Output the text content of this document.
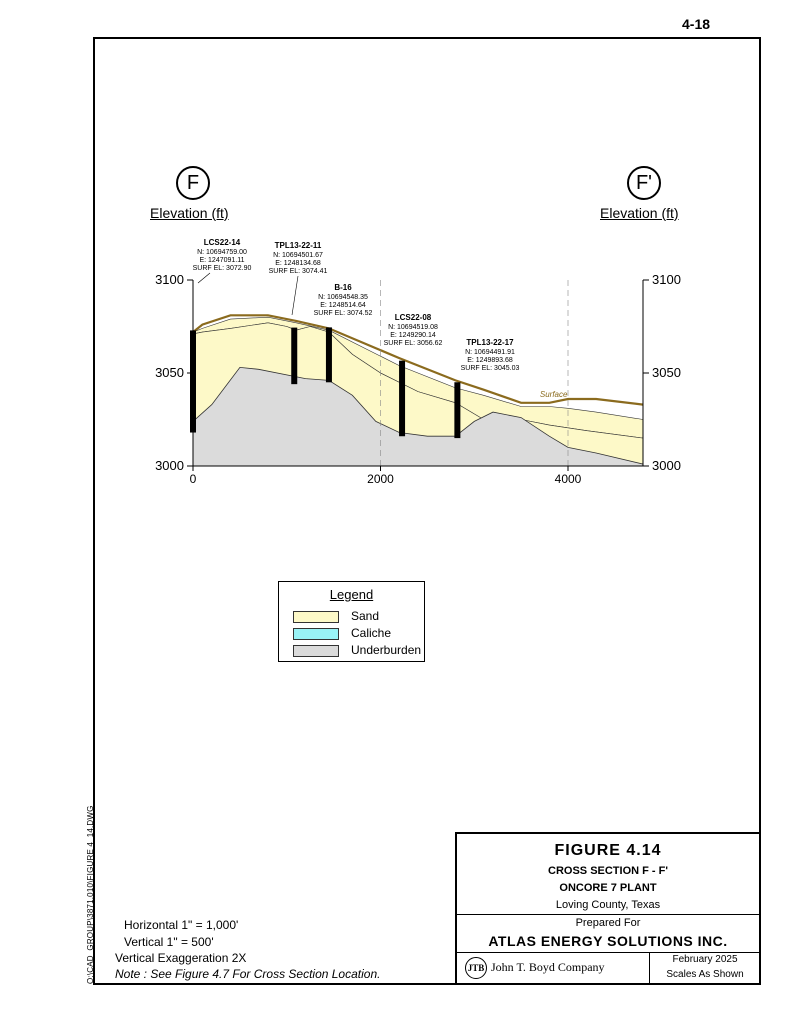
4-18
Q:\CAD_GROUP\3871.010\FIGURE 4_14.DWG
F	F'
Elevation (ft)	Elevation (ft)
3000	3000
3050	3050
3100	3100
0	2000	4000
Surface
LCS22-14
N: 10694759.00
E: 1247091.11
SURF EL: 3072.90
TPL13-22-11
N: 10694501.67
E: 1248134.68
SURF EL: 3074.41
B-16
N: 10694548.35
E: 1248514.64
SURF EL: 3074.52	LCS22-08
N: 10694519.08
E: 1249290.14
SURF EL: 3056.62	TPL13-22-17
N: 10694491.91
E: 1249893.68
SURF EL: 3045.03
Legend
Sand
Caliche
Underburden
Horizontal 1" = 1,000'
Vertical 1" = 500'
Vertical Exaggeration 2X
Note : See Figure 4.7 For Cross Section Location.
FIGURE 4.14
CROSS SECTION F - F'
ONCORE 7 PLANT
Loving County, Texas
Prepared For
ATLAS ENERGY SOLUTIONS INC.
JTB John T. Boyd Company
February 2025
Scales As Shown
